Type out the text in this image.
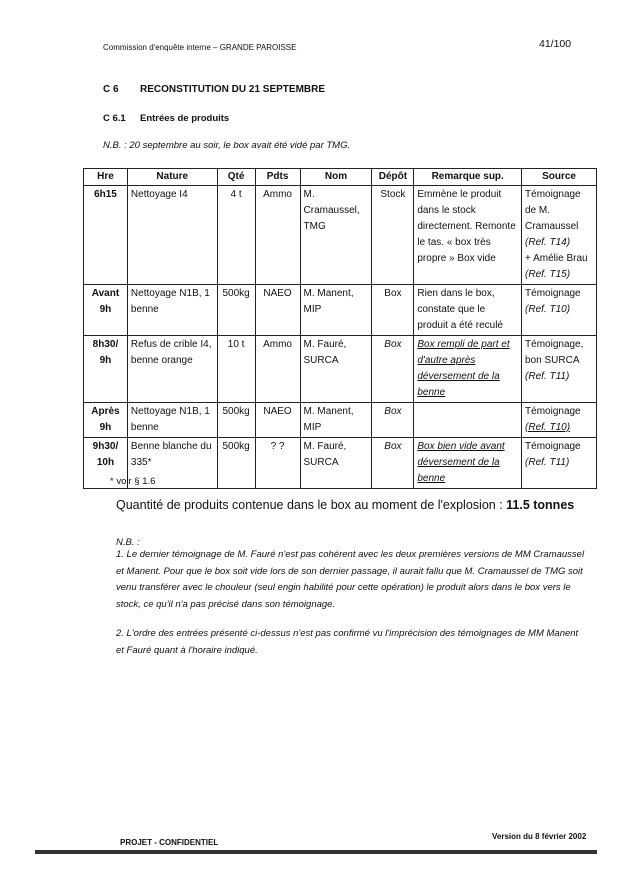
Commission d'enquête interne – GRANDE PAROISSE	41/100
C 6 RECONSTITUTION DU 21 SEPTEMBRE
C 6.1 Entrées de produits
N.B. : 20 septembre au soir, le box avait été vidé par TMG.
Hre	Nature	Qté	Pdts	Nom	Dépôt	Remarque sup.	Source
6h15	Nettoyage I4	4 t	Ammo	M. Cramaussel, TMG	Stock	Emmène le produit dans le stock directement. Remonte le tas. « box très propre » Box vide	Témoignage de M. Cramaussel
(Ref. T14)
+ Amélie Brau
(Ref. T15)
Avant 9h	Nettoyage N1B, 1 benne	500kg	NAEO	M. Manent, MIP	Box	Rien dans le box, constate que le produit a été reculé	Témoignage
(Ref. T10)
8h30/ 9h	Refus de crible I4, benne orange	10 t	Ammo	M. Fauré, SURCA	Box	Box rempli de part et d'autre après déversement de la benne	Témoignage, bon SURCA
(Ref. T11)
Après 9h	Nettoyage N1B, 1 benne	500kg	NAEO	M. Manent, MIP	Box		Témoignage
(Ref. T10)
9h30/ 10h	Benne blanche du 335*	500kg	? ?	M. Fauré, SURCA	Box	Box bien vide avant déversement de la benne	Témoignage
(Ref. T11)
* voir § 1.6
Quantité de produits contenue dans le box au moment de l'explosion : 11.5 tonnes
N.B. :
1. Le dernier témoignage de M. Fauré n'est pas cohérent avec les deux premières versions de MM Cramaussel et Manent. Pour que le box soit vide lors de son dernier passage, il aurait fallu que M. Cramaussel de TMG soit venu transférer avec le chouleur (seul engin habilité pour cette opération) le produit alors dans le box vers le stock, ce qu'il n'a pas précisé dans son témoignage.
2. L'ordre des entrées présenté ci-dessus n'est pas confirmé vu l'imprécision des témoignages de MM Manent et Fauré quant à l'horaire indiqué.
PROJET - CONFIDENTIEL
Version du 8 février 2002
